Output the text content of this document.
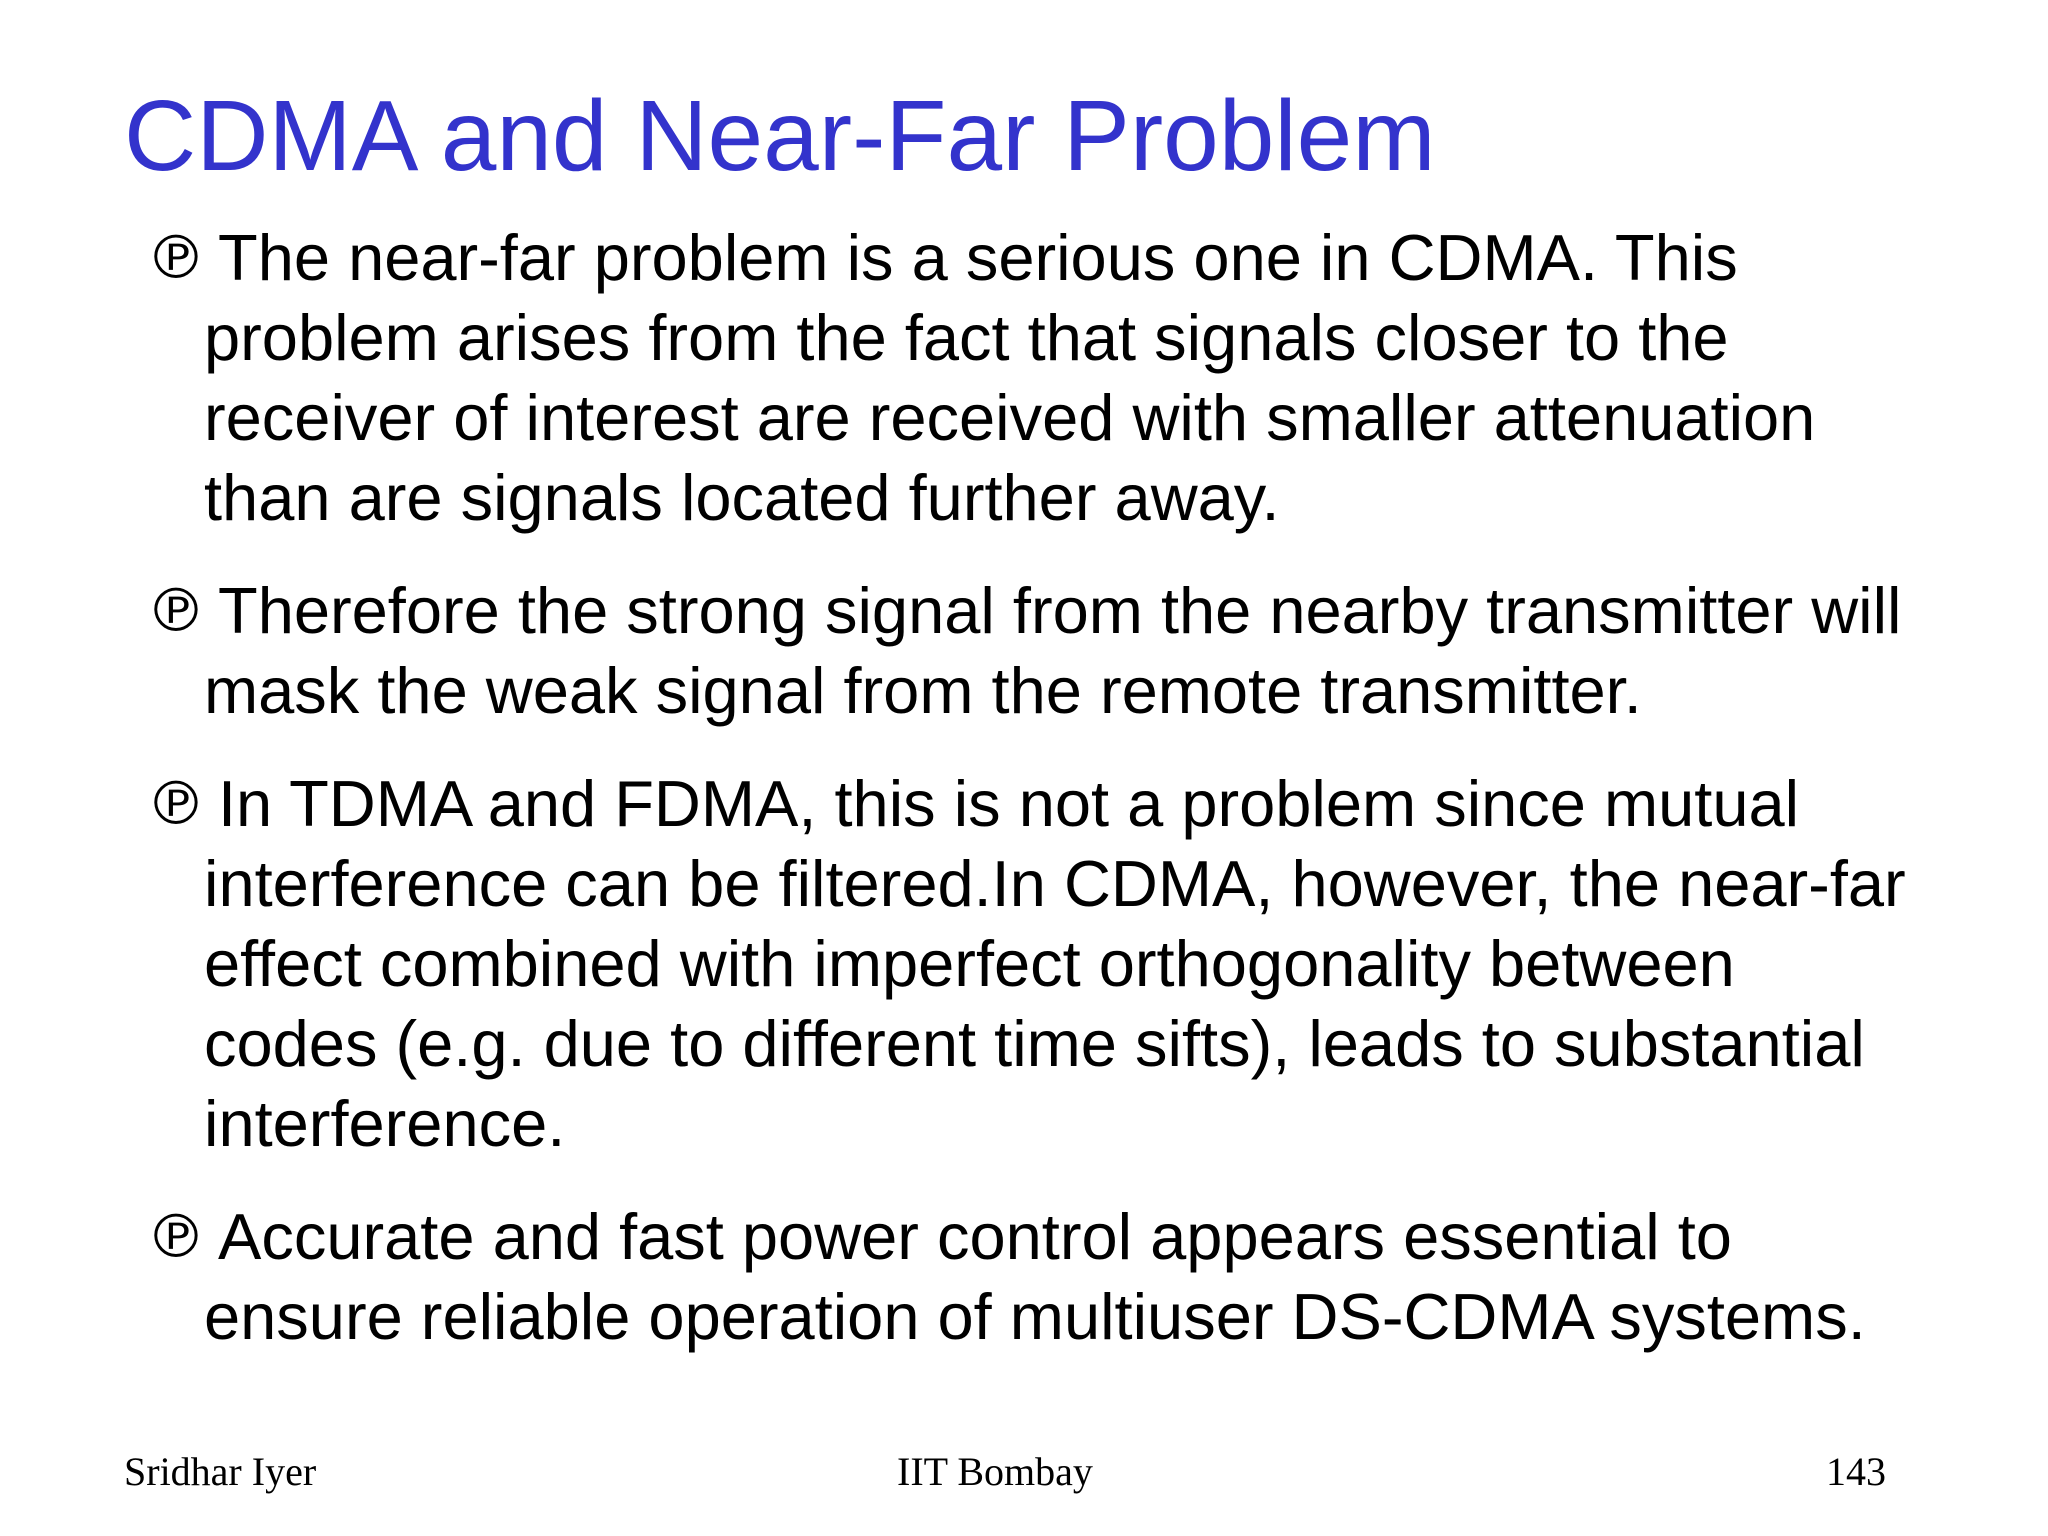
CDMA and Near-Far Problem
℗ The near-far problem is a serious one in CDMA. This
problem arises from the fact that signals closer to the
receiver of interest are received with smaller attenuation
than are signals located further away.
℗ Therefore the strong signal from the nearby transmitter will
mask the weak signal from the remote transmitter.
℗ In TDMA and FDMA, this is not a problem since mutual
interference can be filtered.In CDMA, however, the near-far
effect combined with imperfect orthogonality between
codes (e.g. due to different time sifts), leads to substantial
interference.
℗ Accurate and fast power control appears essential to
ensure reliable operation of multiuser DS-CDMA systems.
Sridhar Iyer	IIT Bombay	143
